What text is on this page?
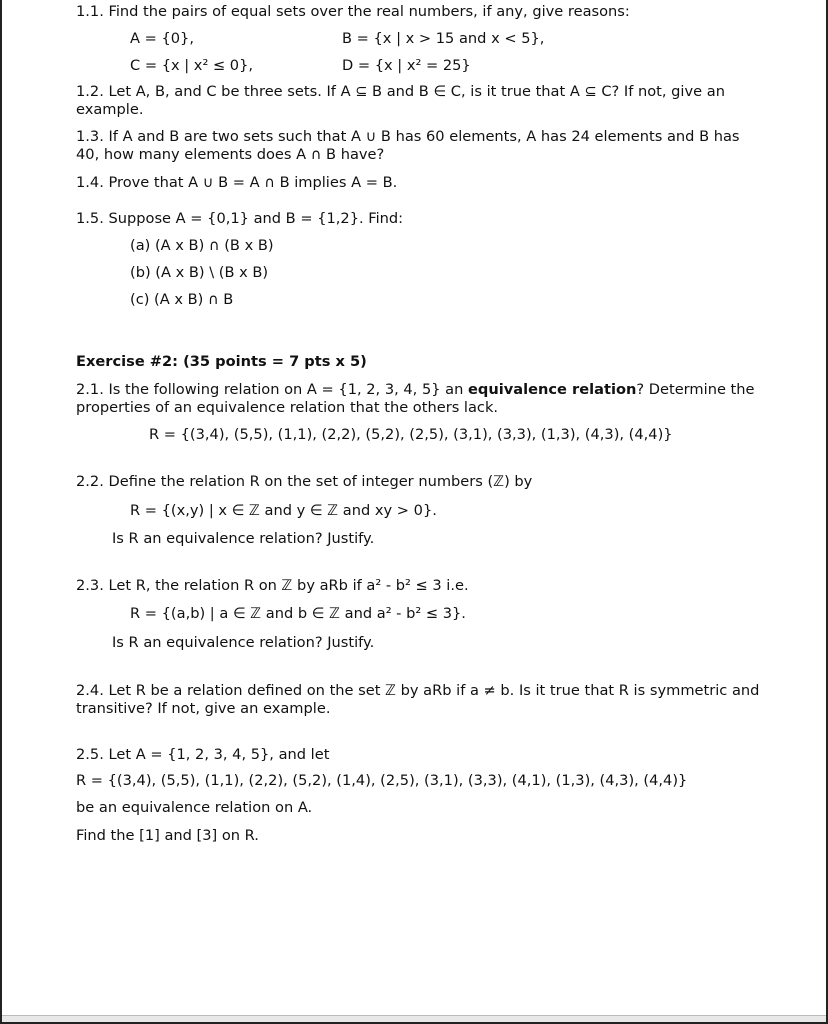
1.1. Find the pairs of equal sets over the real numbers, if any, give reasons:
A = {0},	B = {x | x > 15 and x < 5},
C = {x | x² ≤ 0},	D = {x | x² = 25}
1.2. Let A, B, and C be three sets. If A ⊆ B and B ∈ C, is it true that A ⊆ C? If not, give an
example.
1.3. If A and B are two sets such that A ∪ B has 60 elements, A has 24 elements and B has
40, how many elements does A ∩ B have?
1.4. Prove that A ∪ B = A ∩ B implies A = B.
1.5. Suppose A = {0,1} and B = {1,2}. Find:
(a) (A x B) ∩ (B x B)
(b) (A x B) \ (B x B)
(c) (A x B) ∩ B
Exercise #2: (35 points = 7 pts x 5)
2.1. Is the following relation on A = {1, 2, 3, 4, 5} an equivalence relation? Determine the
properties of an equivalence relation that the others lack.
R = {(3,4), (5,5), (1,1), (2,2), (5,2), (2,5), (3,1), (3,3), (1,3), (4,3), (4,4)}
2.2. Define the relation R on the set of integer numbers (ℤ) by
R = {(x,y) | x ∈ ℤ and y ∈ ℤ and xy > 0}.
Is R an equivalence relation? Justify.
2.3. Let R, the relation R on ℤ by aRb if a² - b² ≤ 3 i.e.
R = {(a,b) | a ∈ ℤ and b ∈ ℤ and a² - b² ≤ 3}.
Is R an equivalence relation? Justify.
2.4. Let R be a relation defined on the set ℤ by aRb if a ≠ b. Is it true that R is symmetric and
transitive? If not, give an example.
2.5. Let A = {1, 2, 3, 4, 5}, and let
R = {(3,4), (5,5), (1,1), (2,2), (5,2), (1,4), (2,5), (3,1), (3,3), (4,1), (1,3), (4,3), (4,4)}
be an equivalence relation on A.
Find the [1] and [3] on R.
